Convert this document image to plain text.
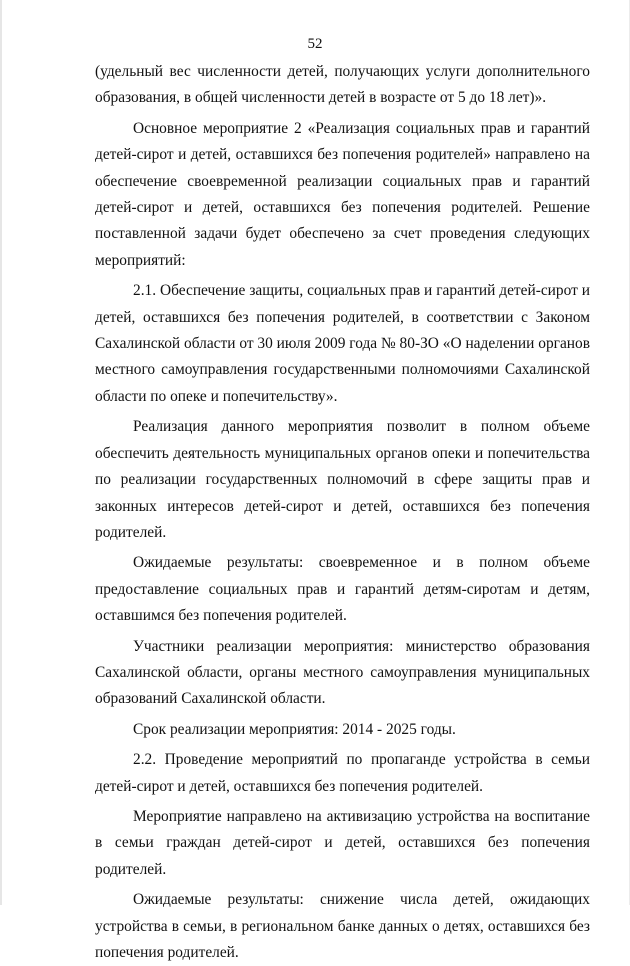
52

(удельный вес численности детей, получающих услуги дополнительного образования, в общей численности детей в возрасте от 5 до 18 лет)».

Основное мероприятие 2 «Реализация социальных прав и гарантий детей-сирот и детей, оставшихся без попечения родителей» направлено на обеспечение своевременной реализации социальных прав и гарантий детей-сирот и детей, оставшихся без попечения родителей. Решение поставленной задачи будет обеспечено за счет проведения следующих мероприятий:

2.1. Обеспечение защиты, социальных прав и гарантий детей-сирот и детей, оставшихся без попечения родителей, в соответствии с Законом Сахалинской области от 30 июля 2009 года № 80-ЗО «О наделении органов местного самоуправления государственными полномочиями Сахалинской области по опеке и попечительству».

Реализация данного мероприятия позволит в полном объеме обеспечить деятельность муниципальных органов опеки и попечительства по реализации государственных полномочий в сфере защиты прав и законных интересов детей-сирот и детей, оставшихся без попечения родителей.

Ожидаемые результаты: своевременное и в полном объеме предоставление социальных прав и гарантий детям-сиротам и детям, оставшимся без попечения родителей.

Участники реализации мероприятия: министерство образования Сахалинской области, органы местного самоуправления муниципальных образований Сахалинской области.

Срок реализации мероприятия: 2014 - 2025 годы.

2.2. Проведение мероприятий по пропаганде устройства в семьи детей-сирот и детей, оставшихся без попечения родителей.

Мероприятие направлено на активизацию устройства на воспитание в семьи граждан детей-сирот и детей, оставшихся без попечения родителей.

Ожидаемые результаты: снижение числа детей, ожидающих устройства в семьи, в региональном банке данных о детях, оставшихся без попечения родителей.
